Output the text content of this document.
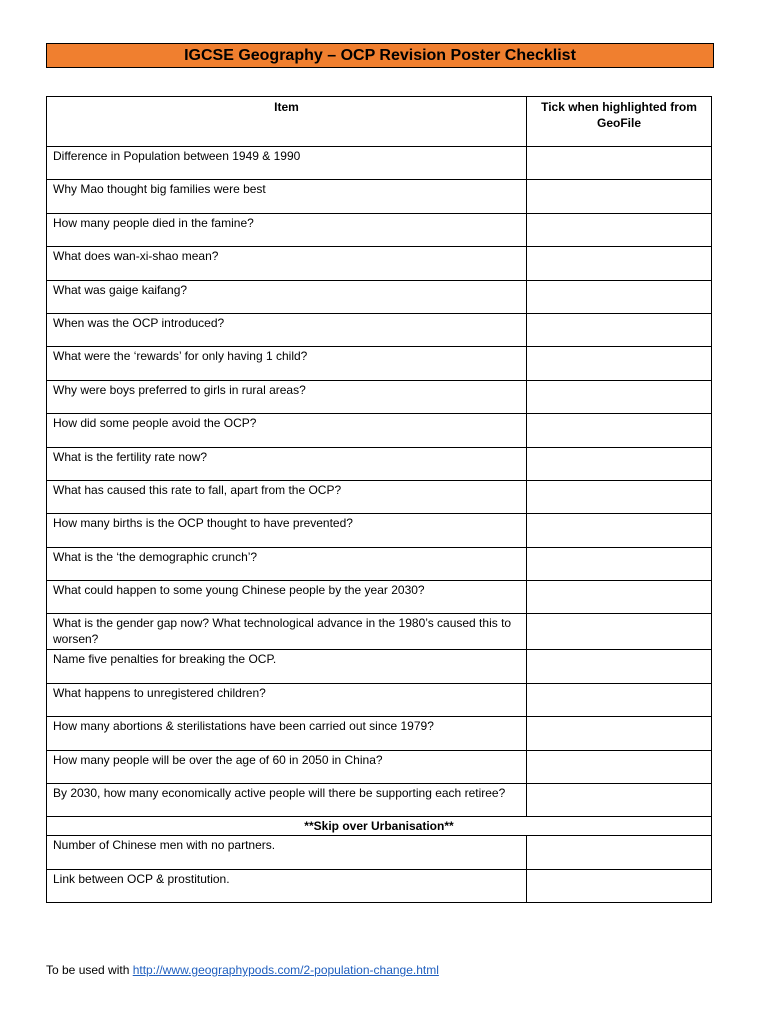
IGCSE Geography – OCP Revision Poster Checklist
Item	Tick when highlighted from GeoFile
Difference in Population between 1949 & 1990	
Why Mao thought big families were best	
How many people died in the famine?	
What does wan-xi-shao mean?	
What was gaige kaifang?	
When was the OCP introduced?	
What were the ‘rewards’ for only having 1 child?	
Why were boys preferred to girls in rural areas?	
How did some people avoid the OCP?	
What is the fertility rate now?	
What has caused this rate to fall, apart from the OCP?	
How many births is the OCP thought to have prevented?	
What is the ‘the demographic crunch’?	
What could happen to some young Chinese people by the year 2030?	
What is the gender gap now? What technological advance in the 1980’s caused this to worsen?	
Name five penalties for breaking the OCP.	
What happens to unregistered children?	
How many abortions & sterilistations have been carried out since 1979?	
How many people will be over the age of 60 in 2050 in China?	
By 2030, how many economically active people will there be supporting each retiree?	
**Skip over Urbanisation**	
Number of Chinese men with no partners.	
Link between OCP & prostitution.	
To be used with http://www.geographypods.com/2-population-change.html
